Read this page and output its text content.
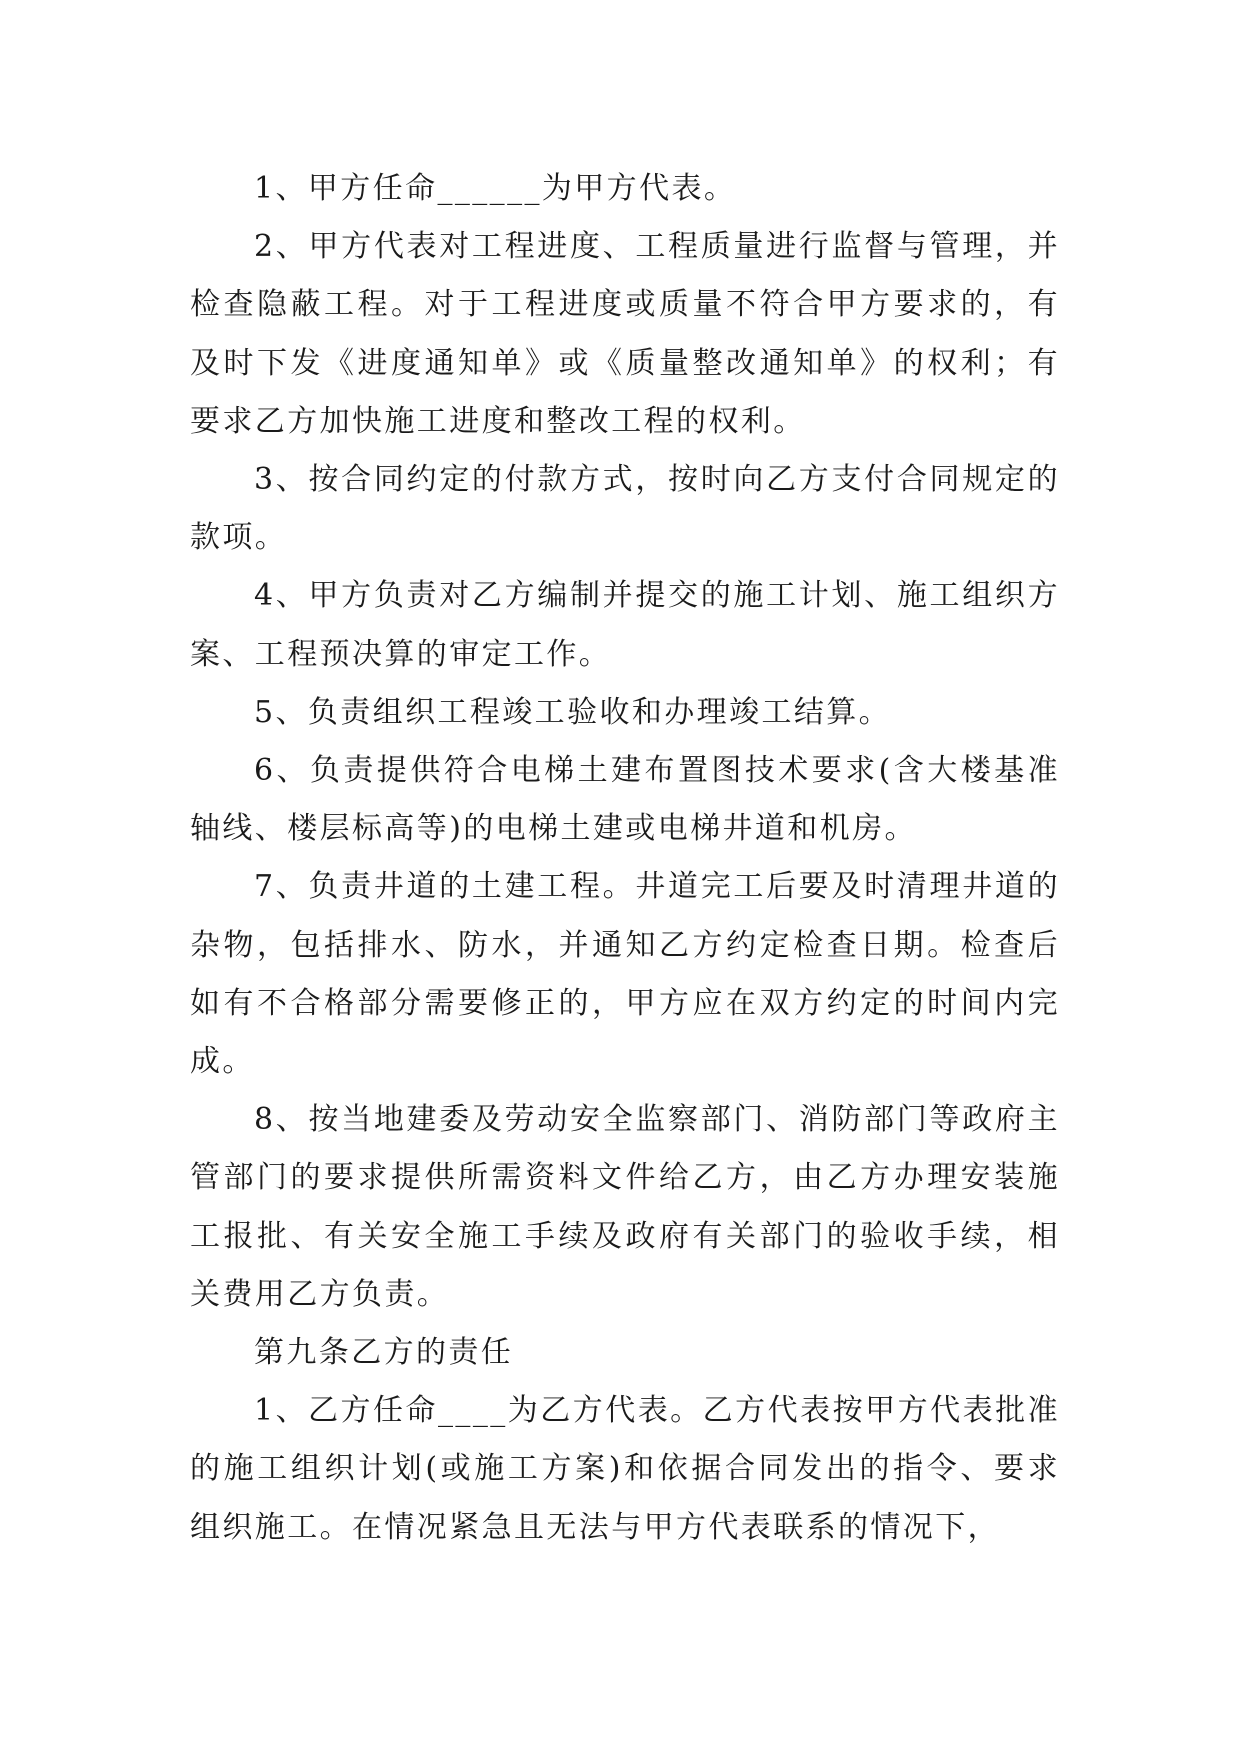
1、甲方任命______为甲方代表。

2、甲方代表对工程进度、工程质量进行监督与管理，并检查隐蔽工程。对于工程进度或质量不符合甲方要求的，有及时下发《进度通知单》或《质量整改通知单》的权利；有要求乙方加快施工进度和整改工程的权利。

3、按合同约定的付款方式，按时向乙方支付合同规定的款项。

4、甲方负责对乙方编制并提交的施工计划、施工组织方案、工程预决算的审定工作。

5、负责组织工程竣工验收和办理竣工结算。

6、负责提供符合电梯土建布置图技术要求(含大楼基准轴线、楼层标高等)的电梯土建或电梯井道和机房。

7、负责井道的土建工程。井道完工后要及时清理井道的杂物，包括排水、防水，并通知乙方约定检查日期。检查后如有不合格部分需要修正的，甲方应在双方约定的时间内完成。

8、按当地建委及劳动安全监察部门、消防部门等政府主管部门的要求提供所需资料文件给乙方，由乙方办理安装施工报批、有关安全施工手续及政府有关部门的验收手续，相关费用乙方负责。

第九条乙方的责任

1、乙方任命____为乙方代表。乙方代表按甲方代表批准的施工组织计划(或施工方案)和依据合同发出的指令、要求组织施工。在情况紧急且无法与甲方代表联系的情况下，
